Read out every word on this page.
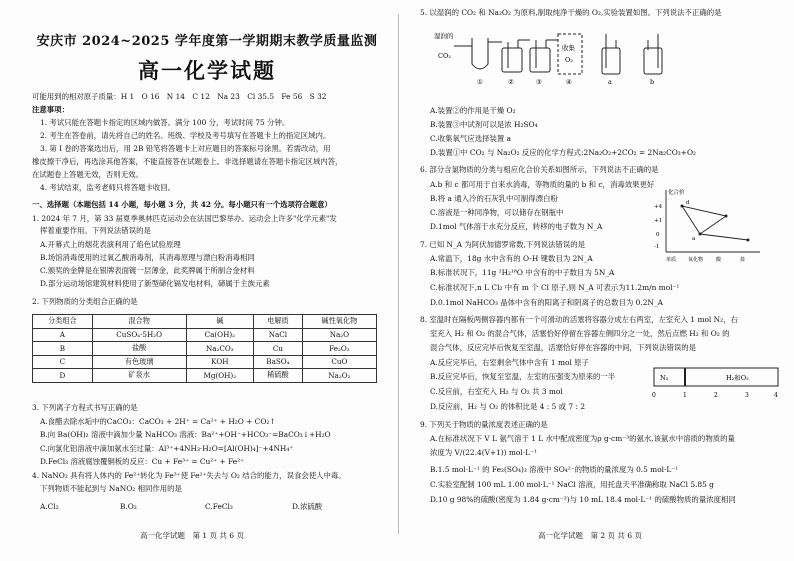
安庆市 2024~2025 学年度第一学期期末教学质量监测
高一化学试题
可能用到的相对原子质量：H 1　O 16　N 14　C 12　Na 23　Cl 35.5　Fe 56　S 32
注意事项：
1. 考试只能在答题卡指定的区域内做答。满分 100 分，考试时间 75 分钟。
2. 考生在答卷前，请先将自己的姓名、班级、学校及考号填写在答题卡上的指定区域内。
3. 第 I 卷的答案选出后，用 2B 铅笔将答题卡上对应题目的答案标号涂黑。若需改动，用
橡皮擦干净后，再选涂其他答案，不能直接答在试题卷上。非选择题请在答题卡指定区域内答，
在试题卷上答题无效，否则无效。
4. 考试结束，监考老师只将答题卡收回。
一、选择题（本题包括 14 小题，每小题 3 分，共 42 分。每小题只有一个选项符合题意）
1. 2024 年 7 月，第 33 届夏季奥林匹克运动会在法国巴黎举办。运动会上许多"化学元素"发
挥着重要作用。下列说法错误的是
A.开幕式上的烟花表演利用了焰色试验原理
B.场馆消毒使用的过氧乙酸消毒剂，其消毒原理与漂白粉消毒相同
C.颁奖的金牌是在银牌表面镀一层薄金，此奖牌属于所制合金材料
D.部分运动场馆建筑材料使用了新型碲化镉发电材料，碲属于主族元素
2. 下列物质的分类组合正确的是
分类组合	混合物	碱	电解质	碱性氧化物
A	CuSO₄·5H₂O	Ca(OH)₂	NaCl	Na₂O
B	盐酸	Na₂CO₃	Cu	Fe₂O₃
C	有色玻璃	KOH	BaSO₄	CuO
D	矿泉水	Mg(OH)₂	稀硫酸	Na₂O₂
3. 下列离子方程式书写正确的是
A.食醋去除水垢中的CaCO₃：CaCO₃ + 2H⁺ = Ca²⁺ + H₂O + CO₂↑
B.向 Ba(OH)₂ 溶液中滴加少量 NaHCO₃ 溶液：Ba²⁺+OH⁻+HCO₃⁻=BaCO₃↓+H₂O
C.向氯化铝溶液中滴加氨水至过量：Al³⁺+4NH₃·H₂O=[Al(OH)₄]⁻+4NH₄⁺
D.FeCl₃ 溶液腐蚀覆铜板的反应：Cu + Fe³⁺ = Cu²⁺ + Fe²⁺
4. NaNO₂ 具有将人体内的 Fe²⁺转化为 Fe³⁺使 Fe²⁺失去与 O₂ 结合的能力，误食会使人中毒。
下列物质不能起到与 NaNO₂ 相同作用的是
A.Cl₂	B.O₂	C.FeCl₃	D.浓硫酸
高一化学试题　第 1 页 共 6 页
5. 以湿润的 CO₂ 和 Na₂O₂ 为原料,制取纯净干燥的 O₂,实验装置如图。下列说法不正确的是
湿润的
CO₂
①	②	③	④
收集
O₂
a	b
A.装置②的作用是干燥 O₂
B.装置③中试剂可以是浓 H₂SO₄
C.收集氧气应选择装置 a
D.装置①中 CO₂ 与 Na₂O₂ 反应的化学方程式:2Na₂O₂+2CO₂ = 2Na₂CO₃+O₂
6. 部分含氯物质的分类与相应化合价关系如图所示，下列说法不正确的是
A.b 和 c 都可用于自来水消毒，等物质的量的 b 和 c，消毒效果更好
B.将 a 通入冷的石灰乳中可制得漂白粉
C.溶液是一种同净物，可以储存在钢瓶中
D.1mol 气体溶于水充分反应，转移的电子数为 N_A
化合价
+4
+1
0
-1
d
a
单质 氧化物	酸	盐
7. 已知 N_A 为阿伏加德罗常数,下列说法错误的是
A.常温下，18g 水中含有的 O-H 键数目为 2N_A
B.标准状况下，11g ²H₂¹⁸O 中含有的中子数目为 5N_A
C.标准状况下,n L Cl₂ 中有 m 个 Cl 原子,则 N_A 可表示为11.2m/n mol⁻¹
D.0.1mol NaHCO₃ 晶体中含有的阳离子和阴离子的总数目为 0.2N_A
8. 室温时在隔板两侧容器内都有一个可滑动的活塞将容器分成左右两室，左室充入 1 mol N₂，右
室充入 H₂ 和 O₂ 的混合气体，活塞恰好停留在容器左侧四分之一处，然后点燃 H₂ 和 O₂ 的
混合气体，反应完毕后恢复至室温，活塞恰好停在容器的中间，下列说法错误的是
A.反应完毕后，右室剩余气体中含有 1 mol 原子
B.反应完毕后，恢复至室温，左室的压强变为原来的一半
C.反应前，右室充入 H₂ 与 O₂ 共 3 mol
D.反应前，H₂ 与 O₂ 的体积比是 4 : 5 或 7 : 2
N₂	H₂和O₂
0	1	2	3	4
9. 下列关于物质的量浓度表述正确的是
A.在标准状况下 V L 氨气溶于 1 L 水中配成密度为ρ g·cm⁻³的氨水,该氨水中溶质的物质的量
浓度为 V/(22.4(V+1)) mol·L⁻¹
B.1.5 mol·L⁻¹ 的 Fe₂(SO₄)₃ 溶液中 SO₄²⁻的物质的量浓度为 0.5 mol·L⁻¹
C.实验室配制 100 mL 1.00 mol·L⁻¹ NaCl 溶液，用托盘天平准确称取 NaCl 5.85 g
D.10 g 98%的硫酸(密度为 1.84 g·cm⁻³)与 10 mL 18.4 mol·L⁻¹ 的硫酸物质的量浓度相同
高一化学试题　第 2 页 共 6 页
